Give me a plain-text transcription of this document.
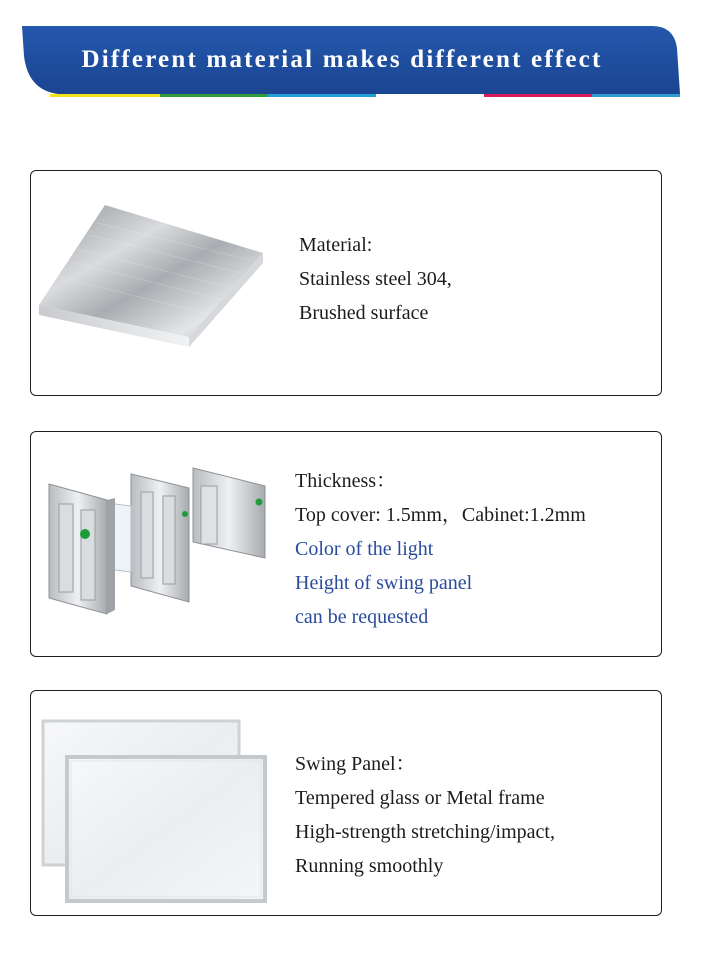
Different material makes different effect
Material:
Stainless steel 304,
Brushed surface
Thickness：
Top cover: 1.5mm，Cabinet:1.2mm
Color of the light
Height of swing panel
can be requested
Swing Panel：
Tempered glass or Metal frame
High-strength stretching/impact,
Running smoothly
